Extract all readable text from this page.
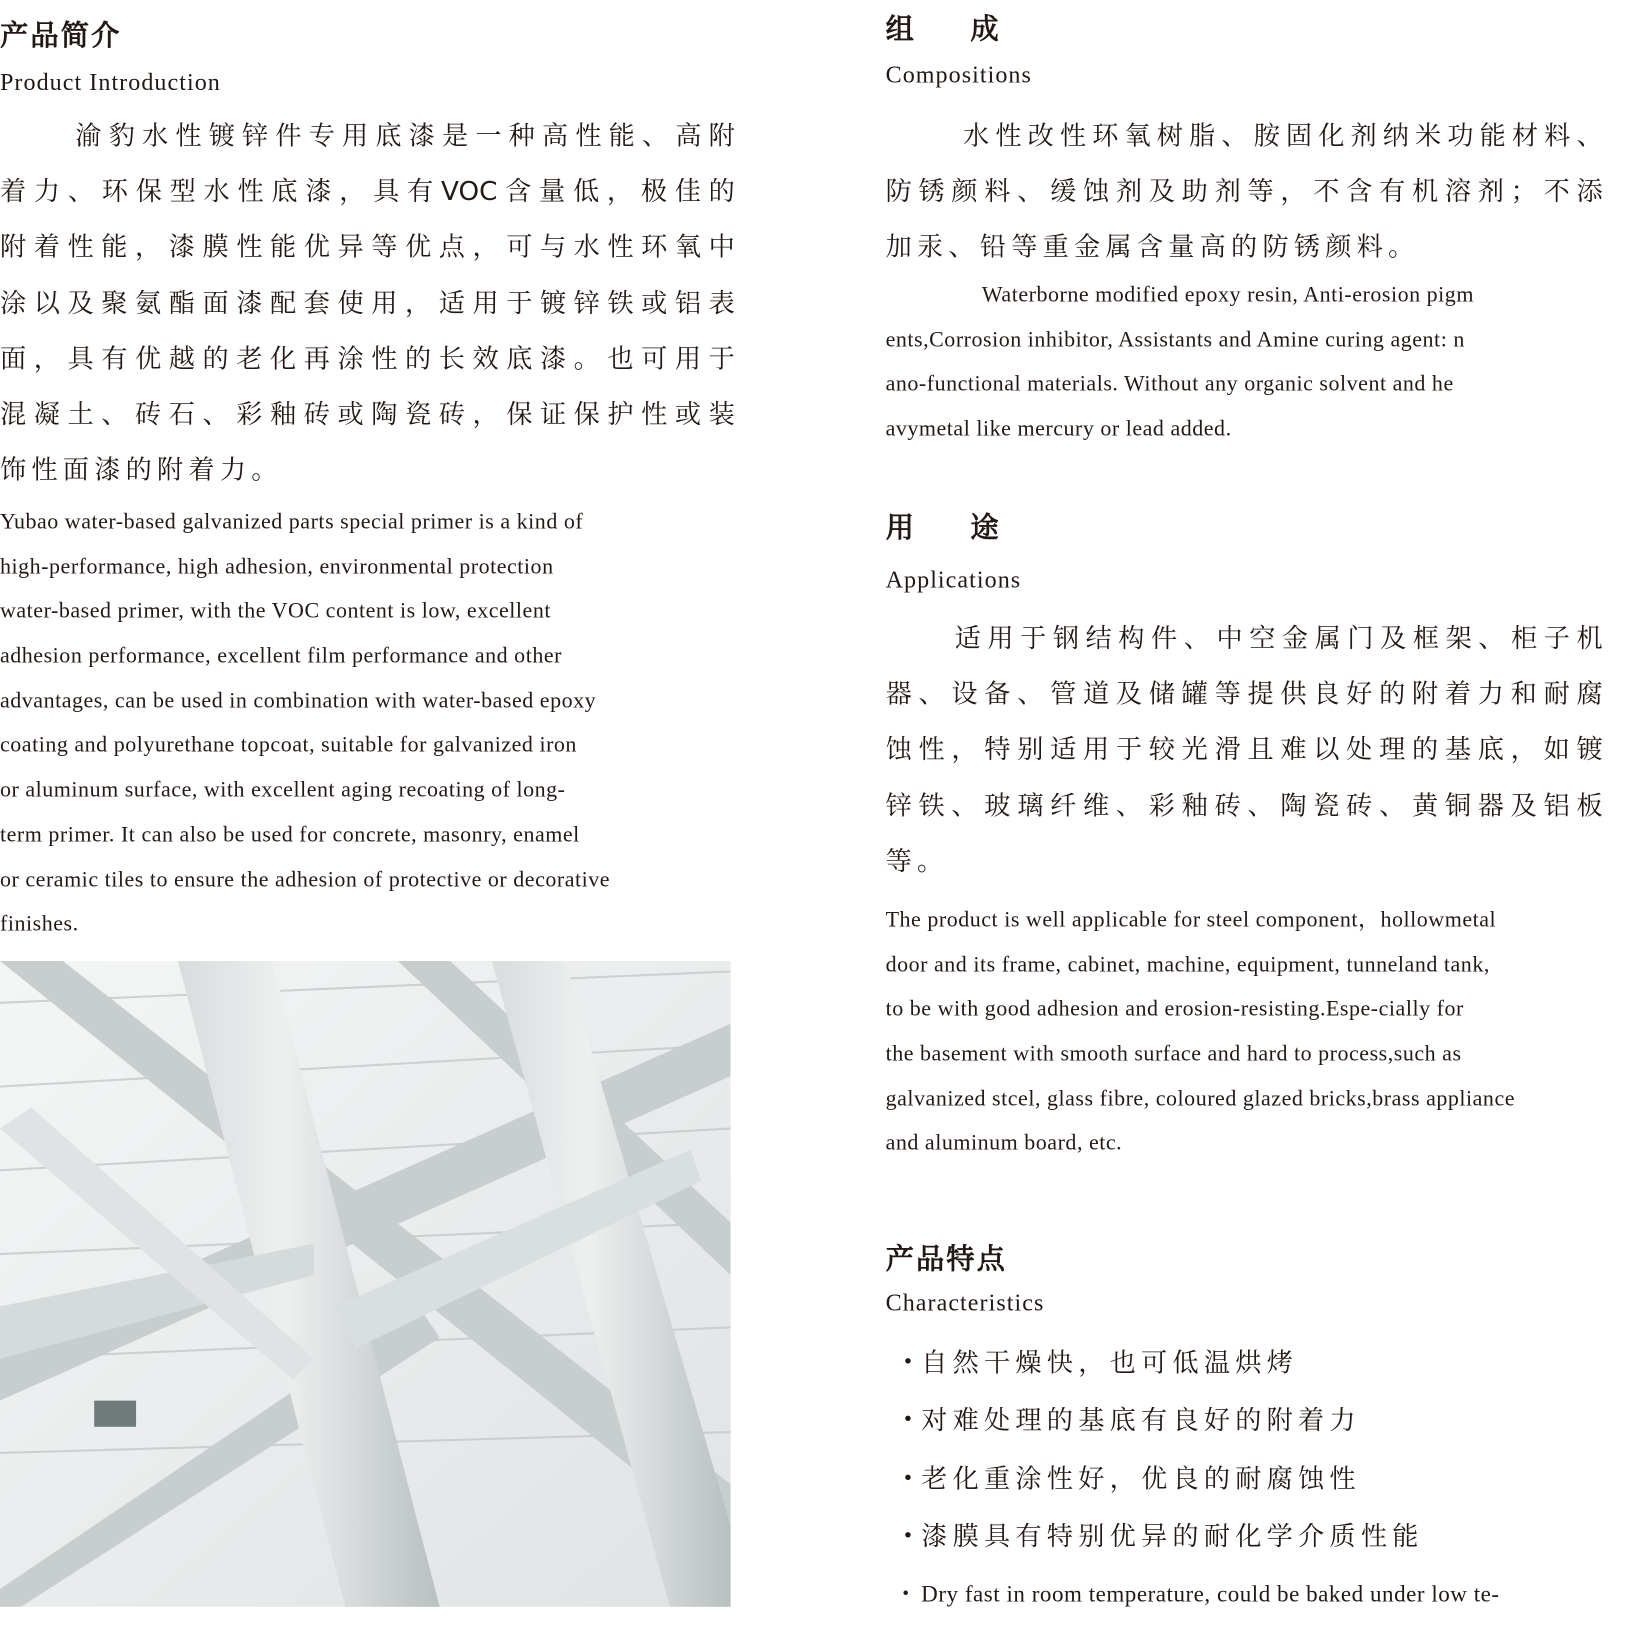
产品简介
Product Introduction
渝豹水性镀锌件专用底漆是一种高性能、高附
着力、环保型水性底漆，具有VOC含量低，极佳的
附着性能，漆膜性能优异等优点，可与水性环氧中
涂以及聚氨酯面漆配套使用，适用于镀锌铁或铝表
面，具有优越的老化再涂性的长效底漆。也可用于
混凝土、砖石、彩釉砖或陶瓷砖，保证保护性或装
饰性面漆的附着力。
Yubao water-based galvanized parts special primer is a kind of
high-performance, high adhesion, environmental protection
water-based primer, with the VOC content is low, excellent
adhesion performance, excellent film performance and other
advantages, can be used in combination with water-based epoxy
coating and polyurethane topcoat, suitable for galvanized iron
or aluminum surface, with excellent aging recoating of long-
term primer. It can also be used for concrete, masonry, enamel
or ceramic tiles to ensure the adhesion of protective or decorative
finishes.
组　　成
Compositions
水性改性环氧树脂、胺固化剂纳米功能材料、
防锈颜料、缓蚀剂及助剂等，不含有机溶剂；不添
加汞、铅等重金属含量高的防锈颜料。
Waterborne modified epoxy resin, Anti-erosion pigm
ents,Corrosion inhibitor, Assistants and Amine curing agent: n
ano-functional materials. Without any organic solvent and he
avymetal like mercury or lead added.
用　　途
Applications
适用于钢结构件、中空金属门及框架、柜子机
器、设备、管道及储罐等提供良好的附着力和耐腐
蚀性，特别适用于较光滑且难以处理的基底，如镀
锌铁、玻璃纤维、彩釉砖、陶瓷砖、黄铜器及铝板
等。
The product is well applicable for steel component，hollowmetal
door and its frame, cabinet, machine, equipment, tunneland tank,
to be with good adhesion and erosion-resisting.Espe-cially for
the basement with smooth surface and hard to process,such as
galvanized stcel, glass fibre, coloured glazed bricks,brass appliance
and aluminum board, etc.
产品特点
Characteristics
•自然干燥快，也可低温烘烤
•对难处理的基底有良好的附着力
•老化重涂性好，优良的耐腐蚀性
•漆膜具有特别优异的耐化学介质性能
• Dry fast in room temperature, could be baked under low te-
